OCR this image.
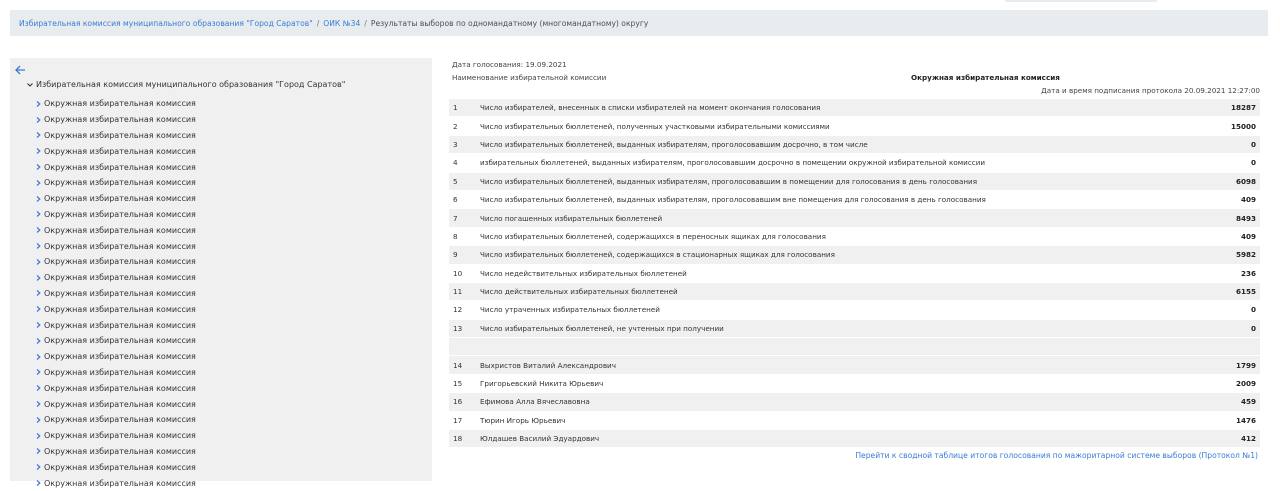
Избирательная комиссия муниципального образования "Город Саратов" / ОИК №34 / Результаты выборов по одномандатному (многомандатному) округу
Избирательная комиссия муниципального образования "Город Саратов"
Окружная избирательная комиссия
Окружная избирательная комиссия
Окружная избирательная комиссия
Окружная избирательная комиссия
Окружная избирательная комиссия
Окружная избирательная комиссия
Окружная избирательная комиссия
Окружная избирательная комиссия
Окружная избирательная комиссия
Окружная избирательная комиссия
Окружная избирательная комиссия
Окружная избирательная комиссия
Окружная избирательная комиссия
Окружная избирательная комиссия
Окружная избирательная комиссия
Окружная избирательная комиссия
Окружная избирательная комиссия
Окружная избирательная комиссия
Окружная избирательная комиссия
Окружная избирательная комиссия
Окружная избирательная комиссия
Окружная избирательная комиссия
Окружная избирательная комиссия
Окружная избирательная комиссия
Окружная избирательная комиссия
Дата голосования: 19.09.2021
Наименование избирательной комиссии	Окружная избирательная комиссия
Дата и время подписания протокола 20.09.2021 12:27:00
1	Число избирателей, внесенных в списки избирателей на момент окончания голосования	18287
2	Число избирательных бюллетеней, полученных участковыми избирательными комиссиями	15000
3	Число избирательных бюллетеней, выданных избирателям, проголосовавшим досрочно, в том числе	0
4	избирательных бюллетеней, выданных избирателям, проголосовавшим досрочно в помещении окружной избирательной комиссии	0
5	Число избирательных бюллетеней, выданных избирателям, проголосовавшим в помещении для голосования в день голосования	6098
6	Число избирательных бюллетеней, выданных избирателям, проголосовавшим вне помещения для голосования в день голосования	409
7	Число погашенных избирательных бюллетеней	8493
8	Число избирательных бюллетеней, содержащихся в переносных ящиках для голосования	409
9	Число избирательных бюллетеней, содержащихся в стационарных ящиках для голосования	5982
10	Число недействительных избирательных бюллетеней	236
11	Число действительных избирательных бюллетеней	6155
12	Число утраченных избирательных бюллетеней	0
13	Число избирательных бюллетеней, не учтенных при получении	0

14	Выхристов Виталий Александрович	1799
15	Григорьевский Никита Юрьевич	2009
16	Ефимова Алла Вячеславовна	459
17	Тюрин Игорь Юрьевич	1476
18	Юлдашев Василий Эдуардович	412
Перейти к сводной таблице итогов голосования по мажоритарной системе выборов (Протокол №1)
